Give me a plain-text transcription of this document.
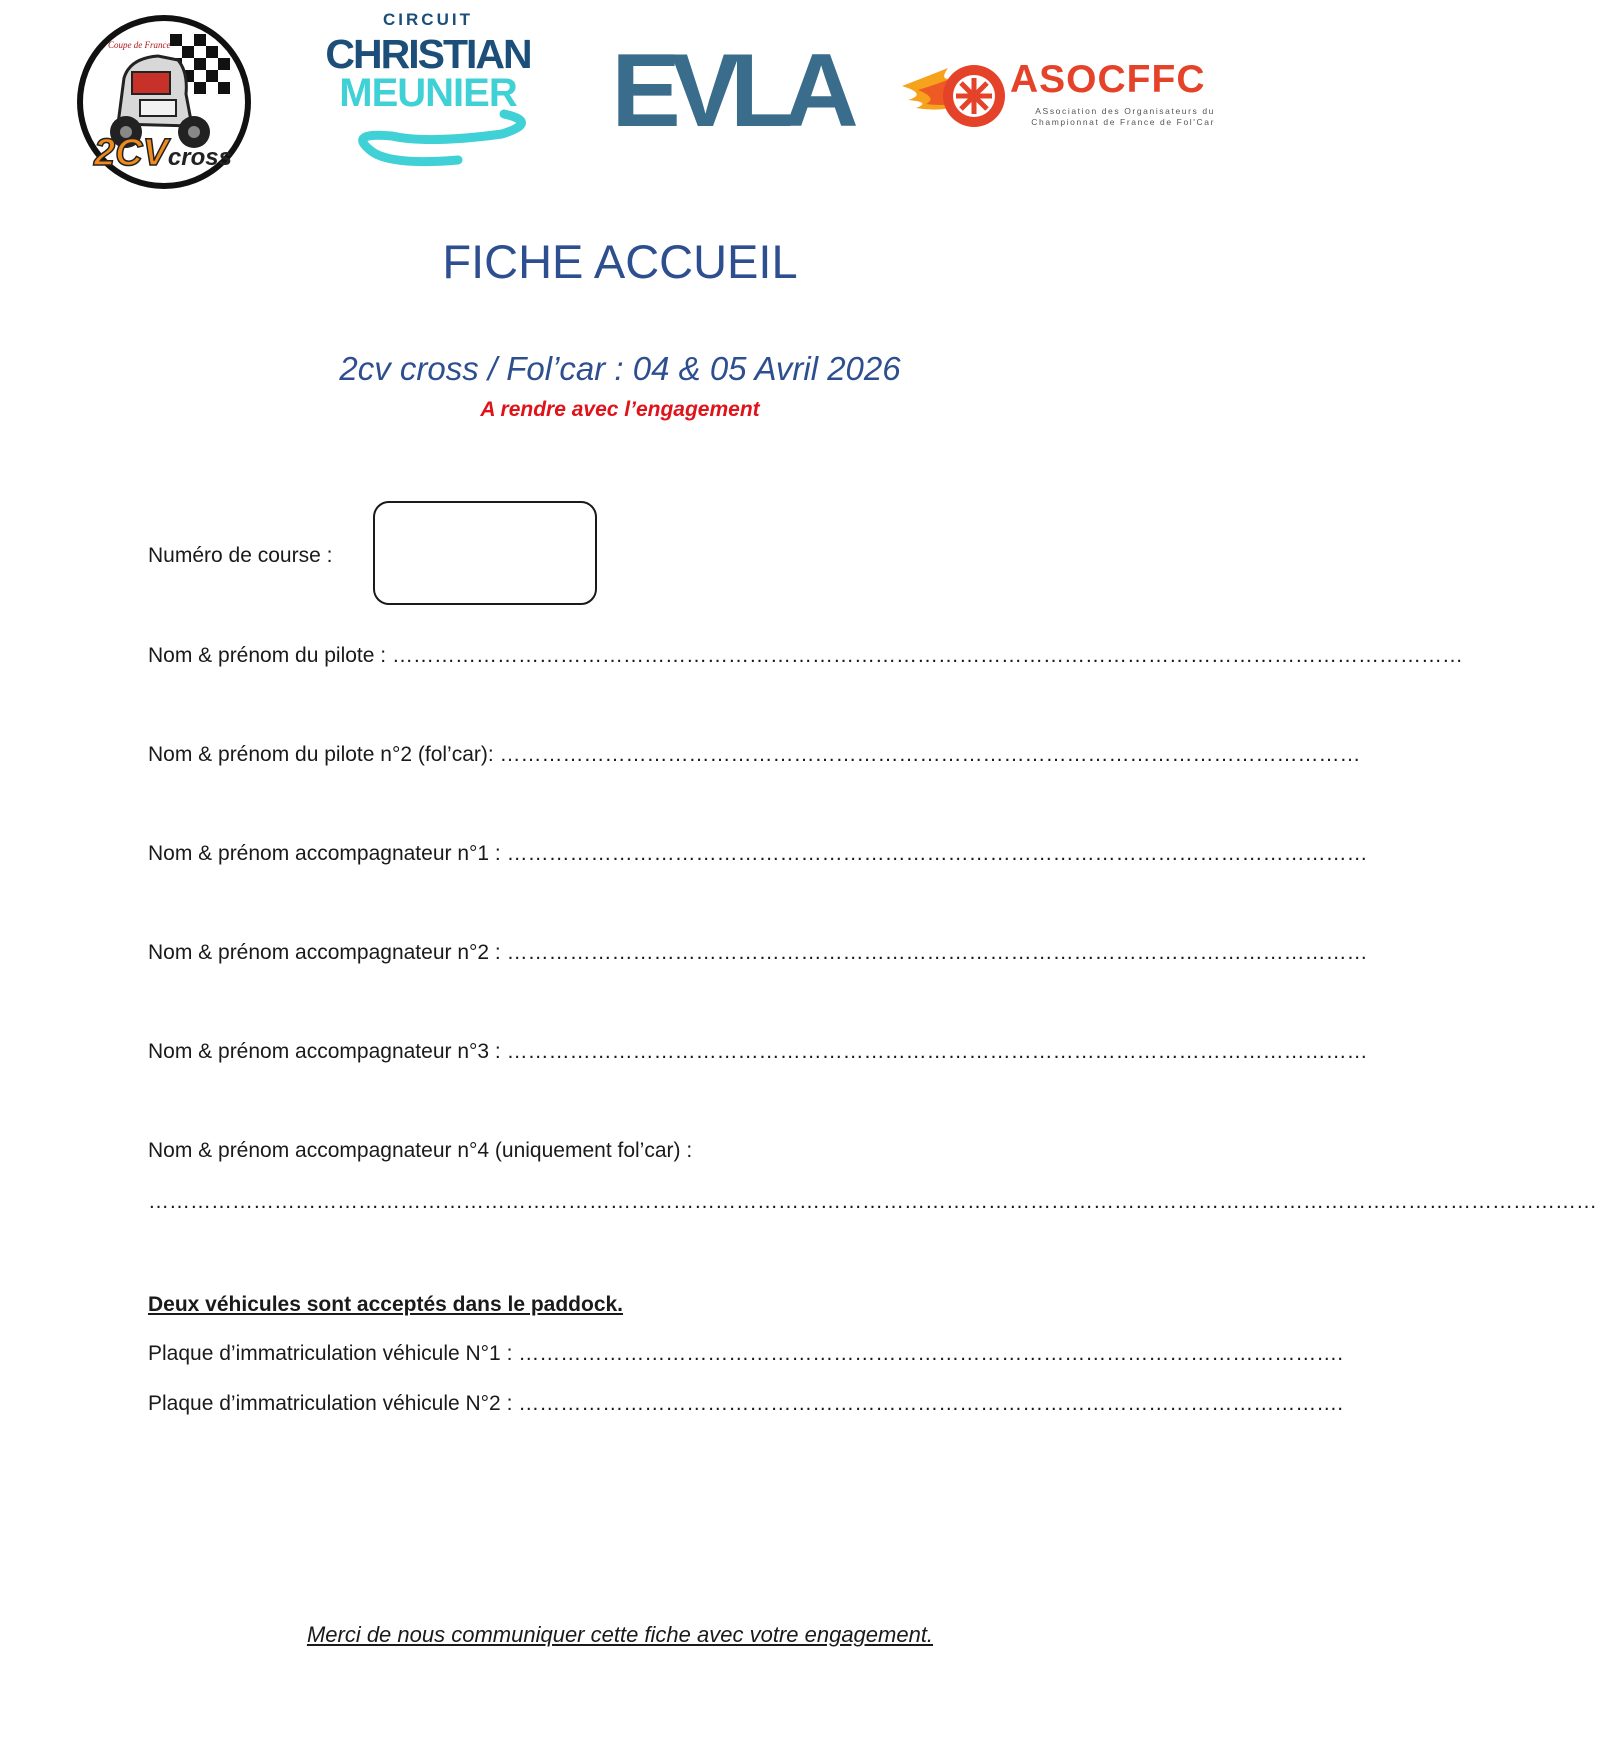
Coupe de France
2CVcross
CIRCUIT
CHRISTIAN
MEUNIER EVLA	ASOCFFC
ASsociation des Organisateurs du
Championnat de France de Fol'Car
FICHE ACCUEIL
2cv cross / Fol’car : 04 & 05 Avril 2026
A rendre avec l’engagement
Numéro de course :
Nom & prénom du pilote : ………………………………………………………………………………………………………………………………………
Nom & prénom du pilote n°2 (fol’car): ……………………………………………………………………………………………………………
Nom & prénom accompagnateur n°1 : ……………………………………………………………………………………………………………
Nom & prénom accompagnateur n°2 : ……………………………………………………………………………………………………………
Nom & prénom accompagnateur n°3 : ……………………………………………………………………………………………………………
Nom & prénom accompagnateur n°4 (uniquement fol’car) :
………………………………………………………………………………………………………………………………………………………………………………………
Deux véhicules sont acceptés dans le paddock.
Plaque d’immatriculation véhicule N°1 : ……………………………………………………………………………………………………….
Plaque d’immatriculation véhicule N°2 : ……………………………………………………………………………………………………….
Merci de nous communiquer cette fiche avec votre engagement.
